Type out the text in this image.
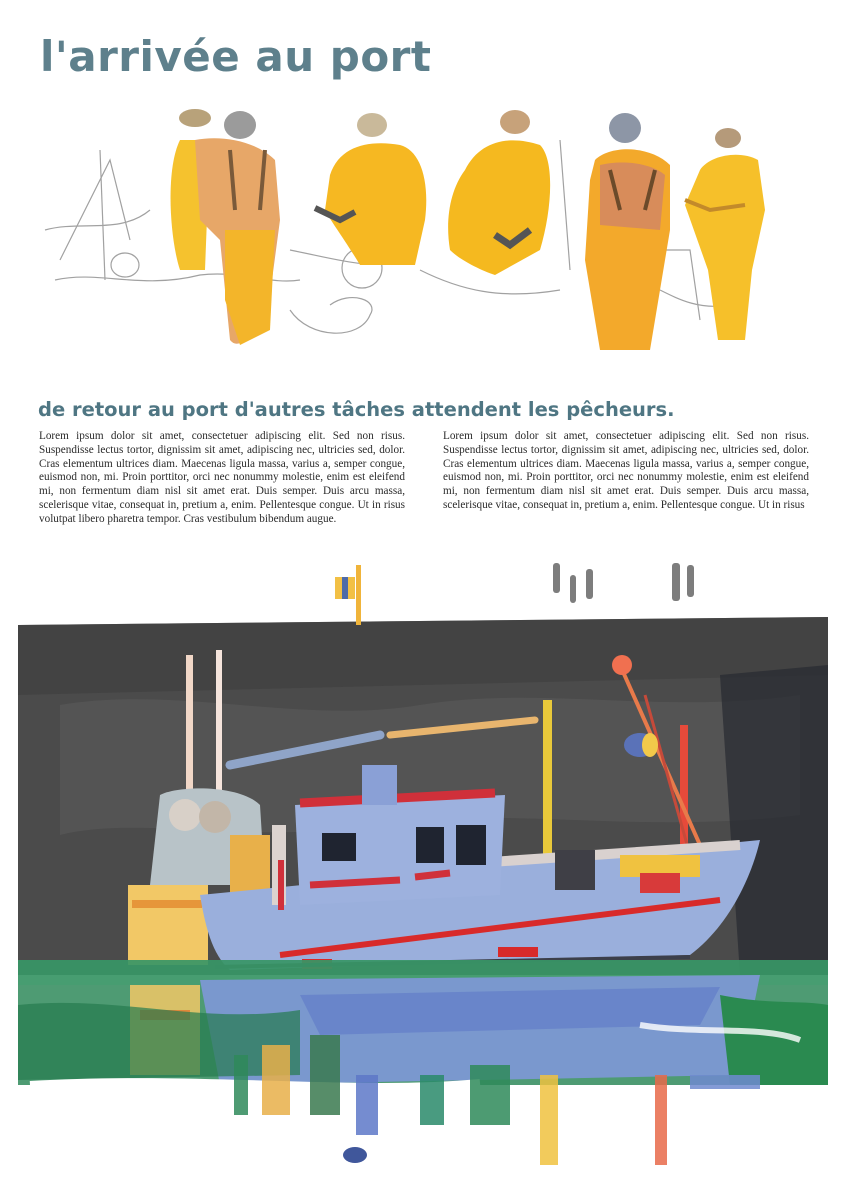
l'arrivée au port
de retour au port d'autres tâches attendent les pêcheurs.
Lorem ipsum dolor sit amet, consectetuer adipiscing elit. Sed non risus. Suspendisse lectus tortor, dignissim sit amet, adipiscing nec, ultricies sed, dolor. Cras elementum ultrices diam. Maecenas ligula massa, varius a, semper congue, euismod non, mi. Proin porttitor, orci nec nonummy molestie, enim est eleifend mi, non fermentum diam nisl sit amet erat. Duis semper. Duis arcu massa, scelerisque vitae, consequat in, pretium a, enim. Pellentesque congue. Ut in risus volutpat libero pharetra tempor. Cras vestibulum bibendum augue.
Lorem ipsum dolor sit amet, consectetuer adipiscing elit. Sed non risus. Suspendisse lectus tortor, dignissim sit amet, adipiscing nec, ultricies sed, dolor. Cras elementum ultrices diam. Maecenas ligula massa, varius a, semper congue, euismod non, mi. Proin porttitor, orci nec nonummy molestie, enim est eleifend mi, non fermentum diam nisl sit amet erat. Duis semper. Duis arcu massa, scelerisque vitae, consequat in, pretium a, enim. Pellentesque congue. Ut in risus
